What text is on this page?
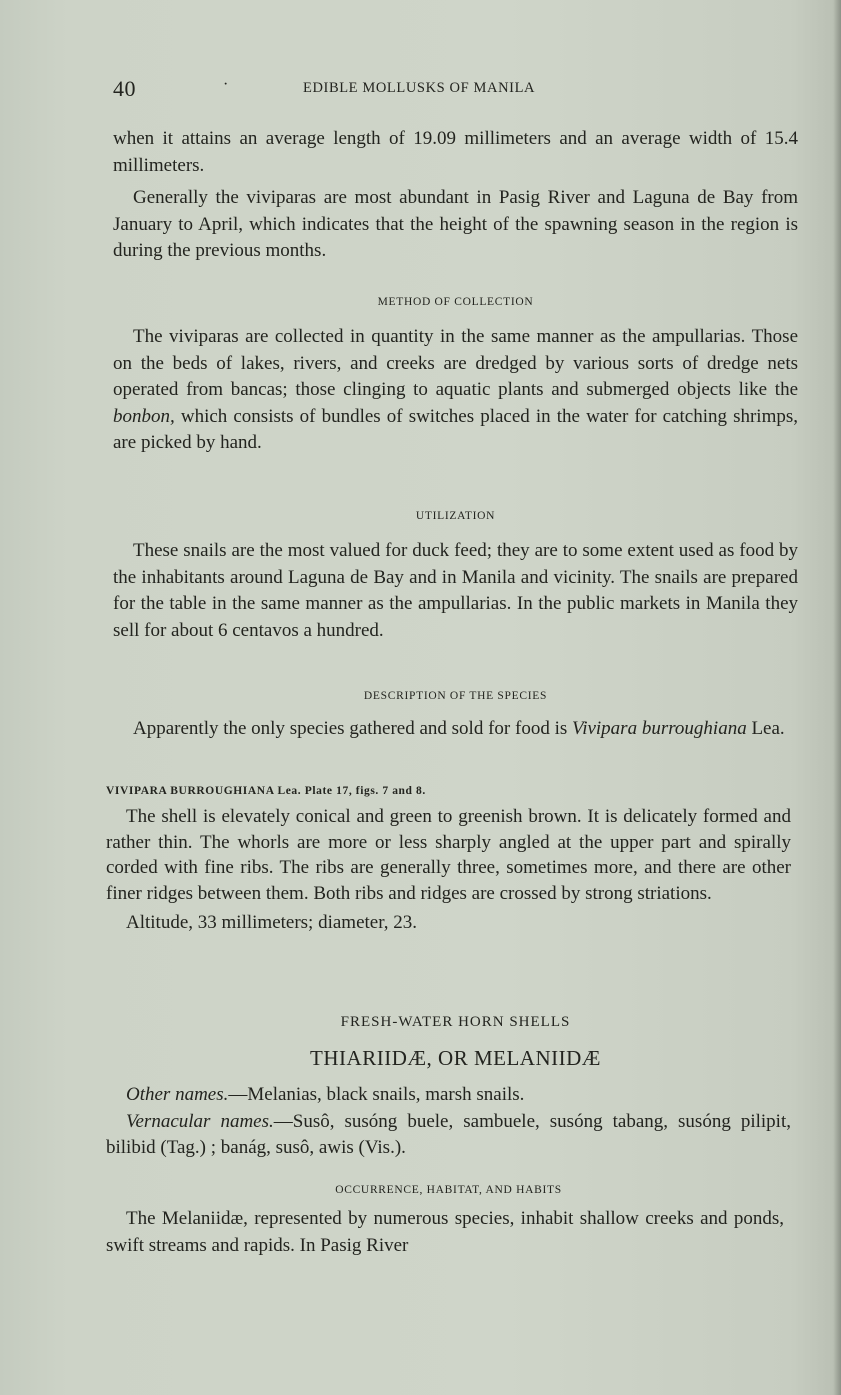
40	·	EDIBLE MOLLUSKS OF MANILA

when it attains an average length of 19.09 millimeters and an average width of 15.4 millimeters.

Generally the viviparas are most abundant in Pasig River and Laguna de Bay from January to April, which indicates that the height of the spawning season in the region is during the previous months.

METHOD OF COLLECTION

The viviparas are collected in quantity in the same manner as the ampullarias. Those on the beds of lakes, rivers, and creeks are dredged by various sorts of dredge nets operated from bancas; those clinging to aquatic plants and submerged objects like the bonbon, which consists of bundles of switches placed in the water for catching shrimps, are picked by hand.

UTILIZATION

These snails are the most valued for duck feed; they are to some extent used as food by the inhabitants around Laguna de Bay and in Manila and vicinity. The snails are prepared for the table in the same manner as the ampullarias. In the public markets in Manila they sell for about 6 centavos a hundred.

DESCRIPTION OF THE SPECIES

Apparently the only species gathered and sold for food is Vivipara burroughiana Lea.

VIVIPARA BURROUGHIANA Lea. Plate 17, figs. 7 and 8.

The shell is elevately conical and green to greenish brown. It is delicately formed and rather thin. The whorls are more or less sharply angled at the upper part and spirally corded with fine ribs. The ribs are generally three, sometimes more, and there are other finer ridges between them. Both ribs and ridges are crossed by strong striations.

Altitude, 33 millimeters; diameter, 23.

FRESH-WATER HORN SHELLS
THIARIIDÆ, OR MELANIIDÆ

Other names.—Melanias, black snails, marsh snails.

Vernacular names.—Susô, susóng buele, sambuele, susóng tabang, susóng pilipit, bilibid (Tag.) ; banág, susô, awis (Vis.).

OCCURRENCE, HABITAT, AND HABITS

The Melaniidæ, represented by numerous species, inhabit shallow creeks and ponds, swift streams and rapids. In Pasig River
